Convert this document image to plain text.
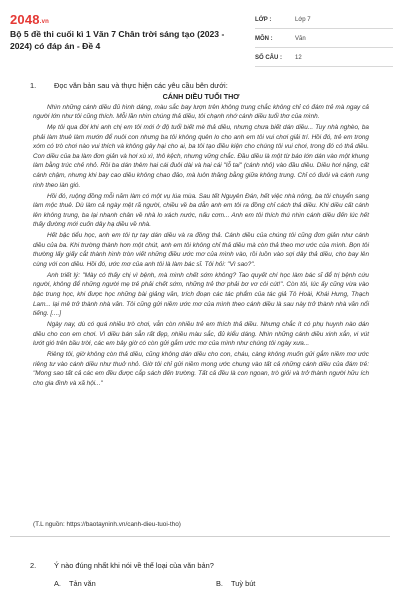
2048.vn
Bộ 5 đề thi cuối kì 1 Văn 7 Chân trời sáng tạo (2023 - 2024) có đáp án - Đề 4
LỚP :	Lớp 7
MÔN :	Văn
SỐ CÂU :	12
1. Đọc văn bản sau và thực hiện các yêu cầu bên dưới:
CÁNH DIỀU TUỔI THƠ

Nhìn những cánh diều đủ hình dáng, màu sắc bay lượn trên không trung chắc không chỉ có đám trẻ mà ngay cả người lớn như tôi cũng thích. Mỗi lần nhìn chúng thả diều, tôi chạnh nhớ cánh diều tuổi thơ của mình.

Mẹ tôi qua đời khi anh chị em tôi mới ở độ tuổi biết mè thả diều, nhưng chưa biết dán diều... Tuy nhà nghèo, ba phải làm thuê làm mướn để nuôi con nhưng ba tôi không quên lo cho anh em tôi vui chơi giải trí. Hồi đó, trẻ em trong xóm có trò chơi nào vui thích và không gây hại cho ai, ba tôi tạo điều kiện cho chúng tôi vui chơi, trong đó có thả diều. Con diều của ba làm đơn giản và hơi xù xì, thô kệch, nhưng vững chắc. Đầu diều là một từ báo lớn dán vào một khung làm bằng trúc chẻ nhỏ. Rồi ba dán thêm hai cái đuôi dài và hai cái "lỗ tai" (cánh nhỏ) vào đầu diều. Diều hơi nặng, cất cánh chậm, nhưng khi bay cao diều không chao đảo, mà luôn thăng bằng giữa không trung. Chỉ có đuôi và cánh rung rinh theo làn gió.

Hồi đó, ruộng đồng mỗi năm làm có một vụ lúa mùa. Sau tết Nguyên Đán, hết việc nhà nông, ba tôi chuyển sang làm mộc thuê. Dù làm cả ngày mệt rã người, chiều về ba dẫn anh em tôi ra đồng chỉ cách thả diều. Khi diều cất cánh lên không trung, ba lại nhanh chân về nhà lo xách nước, nấu cơm... Anh em tôi thích thú nhìn cánh diều đến lúc hết thấy đường mới cuốn dây hạ diều về nhà.

Hết bậc tiểu học, anh em tôi tự tay dán diều và ra đồng thả. Cánh diều của chúng tôi cũng đơn giản như cánh diều của ba. Khi trường thành hơn một chút, anh em tôi không chỉ thả diều mà còn thả theo mơ ước của mình. Bọn tôi thường lấy giấy cắt thành hình tròn viết những điều ước mơ của mình vào, rồi luồn vào sợi dây thả diều, cho bay lên cùng với con diều. Hồi đó, ước mơ của anh tôi là làm bác sĩ. Tôi hỏi: "Vì sao?".

Anh triết lý: "Mày có thấy chị vì bệnh, mà mình chết sớm không? Tao quyết chí học làm bác sĩ để trị bệnh cứu người, không để những người mẹ trẻ phải chết sớm, những trẻ thơ phải bơ vơ côi cút!". Còn tôi, lúc ấy cũng vừa vào bậc trung học, khi được học những bài giảng văn, trích đoạn các tác phẩm của tác giả Tô Hoài, Khái Hưng, Thạch Lam... lại mê trở thành nhà văn. Tôi cũng gửi niềm ước mơ của mình theo cánh diều là sau này trở thành nhà văn nổi tiếng. [....]

Ngày nay, dù có quá nhiều trò chơi, vẫn còn nhiều trẻ em thích thả diều. Nhưng chắc ít có phụ huynh nào dán diều cho con em chơi. Vì diều bán sẵn rất đẹp, nhiều màu sắc, đủ kiểu dáng. Nhìn những cánh diều xinh xắn, vi vút lướt gió trên bầu trời, các em bây giờ có còn gửi gắm ước mơ của mình như chúng tôi ngày xưa...

Riêng tôi, giờ không còn thả diều, cũng không dán diều cho con, cháu, càng không muốn gửi gắm niềm mơ ước riêng tư vào cánh diều như thuở nhỏ. Giờ tôi chỉ gửi niềm mong ước chung vào tất cả những cánh diều của đám trẻ: "Mong sao tất cả các em đều được cắp sách đến trường. Tất cả đều là con ngoan, trò giỏi và trở thành người hữu ích cho gia đình và xã hội..."

(T.L nguồn: https://baotayninh.vn/canh-dieu-tuoi-tho)
2. Ý nào đúng nhất khi nói về thể loại của văn bản?
A. Tản văn	B. Tuỳ bút
